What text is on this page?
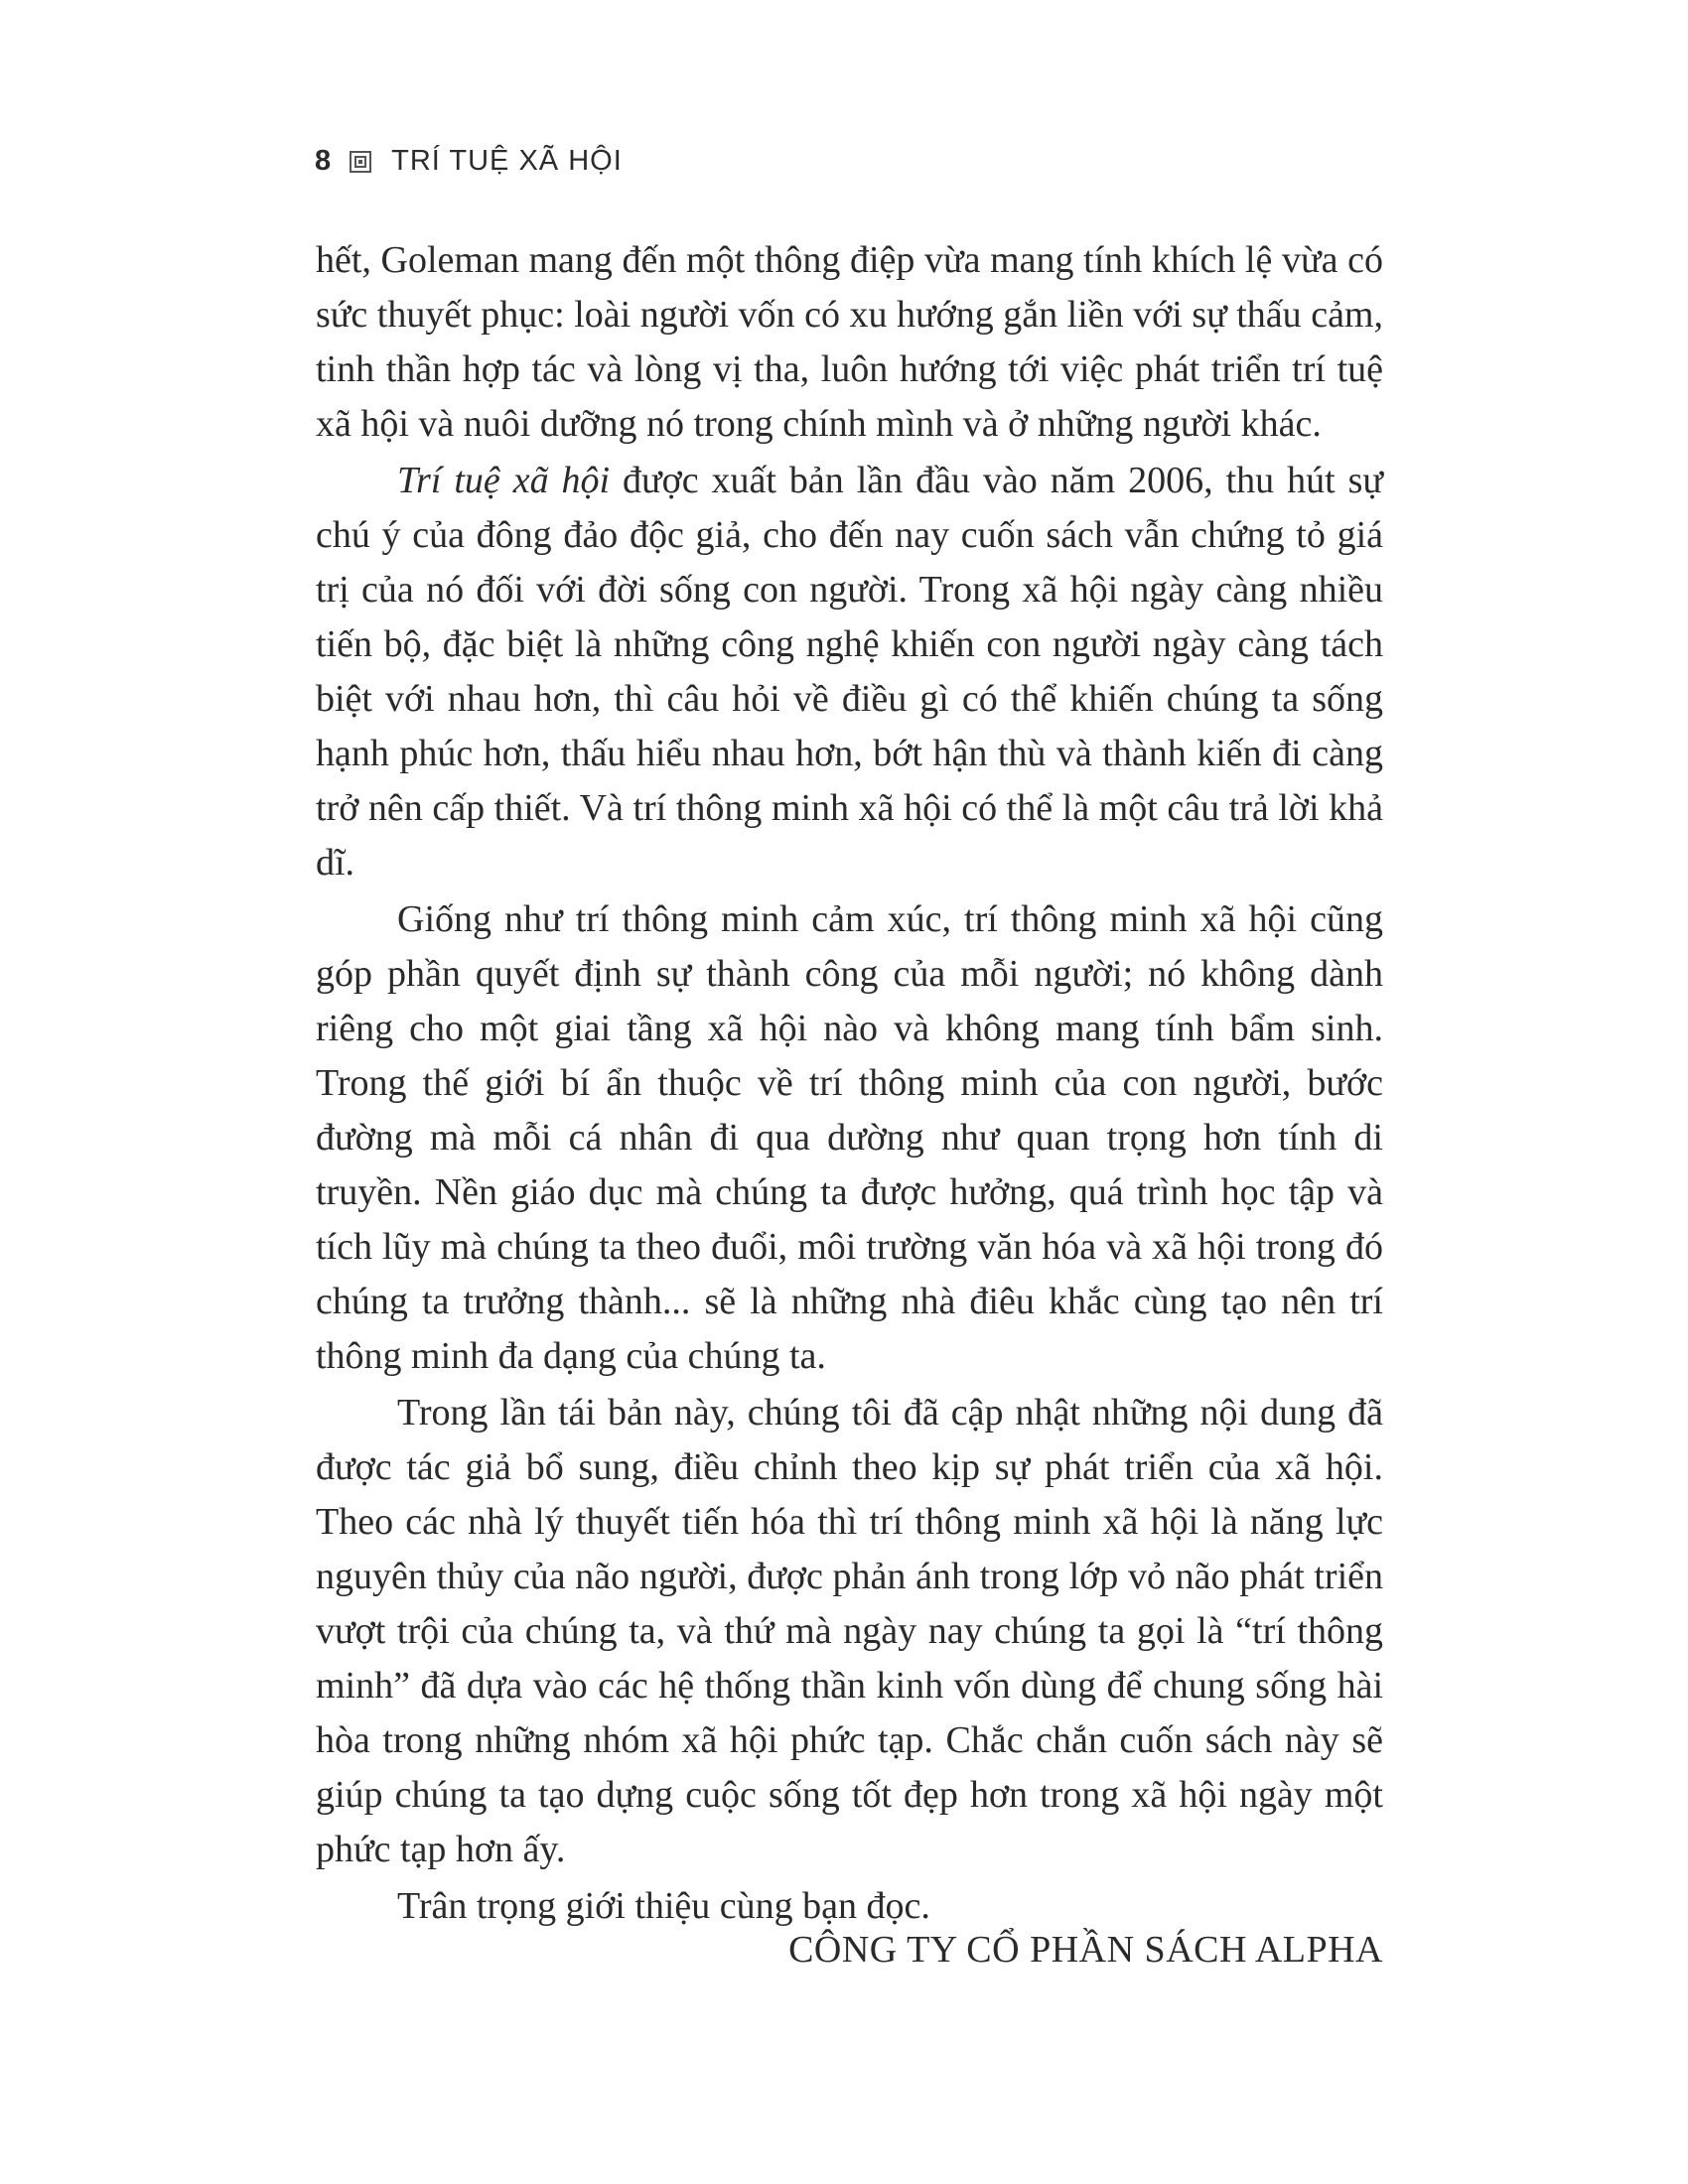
8 TRÍ TUỆ XÃ HỘI

hết, Goleman mang đến một thông điệp vừa mang tính khích lệ vừa có sức thuyết phục: loài người vốn có xu hướng gắn liền với sự thấu cảm, tinh thần hợp tác và lòng vị tha, luôn hướng tới việc phát triển trí tuệ xã hội và nuôi dưỡng nó trong chính mình và ở những người khác.

Trí tuệ xã hội được xuất bản lần đầu vào năm 2006, thu hút sự chú ý của đông đảo độc giả, cho đến nay cuốn sách vẫn chứng tỏ giá trị của nó đối với đời sống con người. Trong xã hội ngày càng nhiều tiến bộ, đặc biệt là những công nghệ khiến con người ngày càng tách biệt với nhau hơn, thì câu hỏi về điều gì có thể khiến chúng ta sống hạnh phúc hơn, thấu hiểu nhau hơn, bớt hận thù và thành kiến đi càng trở nên cấp thiết. Và trí thông minh xã hội có thể là một câu trả lời khả dĩ.

Giống như trí thông minh cảm xúc, trí thông minh xã hội cũng góp phần quyết định sự thành công của mỗi người; nó không dành riêng cho một giai tầng xã hội nào và không mang tính bẩm sinh. Trong thế giới bí ẩn thuộc về trí thông minh của con người, bước đường mà mỗi cá nhân đi qua dường như quan trọng hơn tính di truyền. Nền giáo dục mà chúng ta được hưởng, quá trình học tập và tích lũy mà chúng ta theo đuổi, môi trường văn hóa và xã hội trong đó chúng ta trưởng thành... sẽ là những nhà điêu khắc cùng tạo nên trí thông minh đa dạng của chúng ta.

Trong lần tái bản này, chúng tôi đã cập nhật những nội dung đã được tác giả bổ sung, điều chỉnh theo kịp sự phát triển của xã hội. Theo các nhà lý thuyết tiến hóa thì trí thông minh xã hội là năng lực nguyên thủy của não người, được phản ánh trong lớp vỏ não phát triển vượt trội của chúng ta, và thứ mà ngày nay chúng ta gọi là “trí thông minh” đã dựa vào các hệ thống thần kinh vốn dùng để chung sống hài hòa trong những nhóm xã hội phức tạp. Chắc chắn cuốn sách này sẽ giúp chúng ta tạo dựng cuộc sống tốt đẹp hơn trong xã hội ngày một phức tạp hơn ấy.

Trân trọng giới thiệu cùng bạn đọc.

CÔNG TY CỔ PHẦN SÁCH ALPHA
